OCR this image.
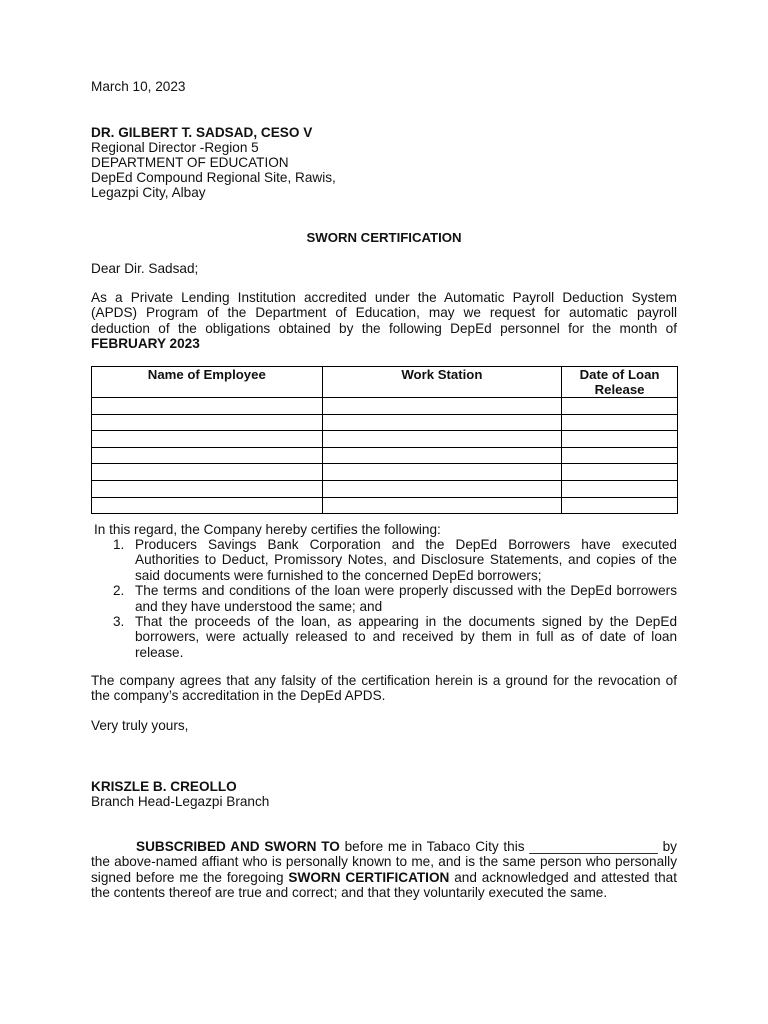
March 10, 2023
DR. GILBERT T. SADSAD, CESO V
Regional Director -Region 5
DEPARTMENT OF EDUCATION
DepEd Compound Regional Site, Rawis,
Legazpi City, Albay
SWORN CERTIFICATION
Dear Dir. Sadsad;
As a Private Lending Institution accredited under the Automatic Payroll Deduction System (APDS) Program of the Department of Education, may we request for automatic payroll deduction of the obligations obtained by the following DepEd personnel for the month of FEBRUARY 2023
Name of Employee	Work Station	Date of Loan Release

In this regard, the Company hereby certifies the following:
1. Producers Savings Bank Corporation and the DepEd Borrowers have executed Authorities to Deduct, Promissory Notes, and Disclosure Statements, and copies of the said documents were furnished to the concerned DepEd borrowers;
2. The terms and conditions of the loan were properly discussed with the DepEd borrowers and they have understood the same; and
3. That the proceeds of the loan, as appearing in the documents signed by the DepEd borrowers, were actually released to and received by them in full as of date of loan release.
The company agrees that any falsity of the certification herein is a ground for the revocation of the company’s accreditation in the DepEd APDS.
Very truly yours,
KRISZLE B. CREOLLO
Branch Head-Legazpi Branch
SUBSCRIBED AND SWORN TO before me in Tabaco City this _________________ by the above-named affiant who is personally known to me, and is the same person who personally signed before me the foregoing SWORN CERTIFICATION and acknowledged and attested that the contents thereof are true and correct; and that they voluntarily executed the same.
